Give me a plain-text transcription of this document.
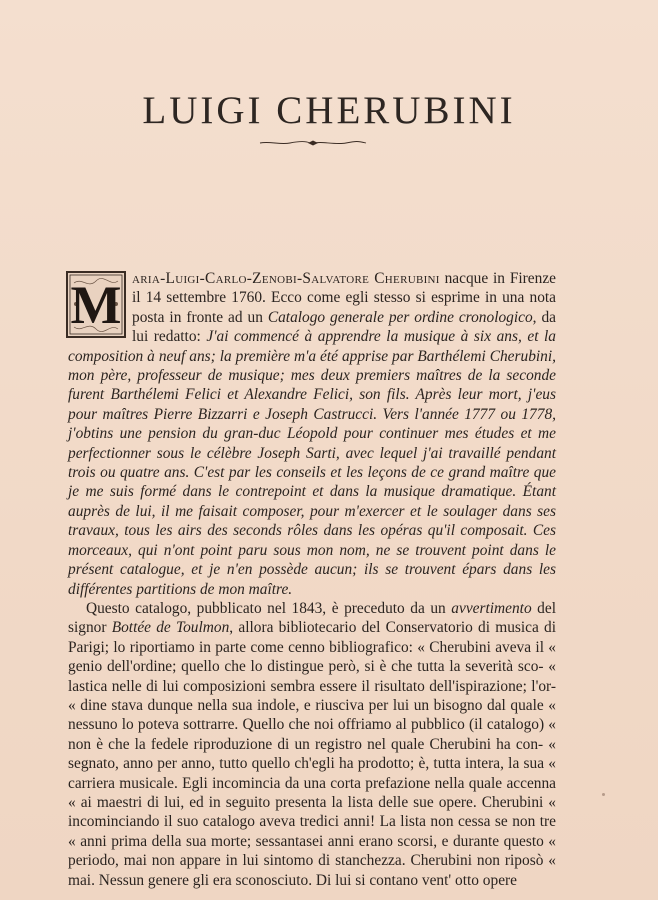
LUIGI CHERUBINI

M aria-Luigi-Carlo-Zenobi-Salvatore Cherubini nacque in Firenze il 14 settembre 1760. Ecco come egli stesso si esprime in una nota posta in fronte ad un Catalogo generale per ordine cronologico, da lui redatto: J'ai commencé à apprendre la musique à six ans, et la composition à neuf ans; la première m'a été apprise par Barthélemi Cherubini, mon père, professeur de musique; mes deux premiers maîtres de la seconde furent Barthélemi Felici et Alexandre Felici, son fils. Après leur mort, j'eus pour maîtres Pierre Bizzarri e Joseph Castrucci. Vers l'année 1777 ou 1778, j'obtins une pension du gran-duc Léopold pour continuer mes études et me perfectionner sous le célèbre Joseph Sarti, avec lequel j'ai travaillé pendant trois ou quatre ans. C'est par les conseils et les leçons de ce grand maître que je me suis formé dans le contrepoint et dans la musique dramatique. Étant auprès de lui, il me faisait composer, pour m'exercer et le soulager dans ses travaux, tous les airs des seconds rôles dans les opéras qu'il composait. Ces morceaux, qui n'ont point paru sous mon nom, ne se trouvent point dans le présent catalogue, et je n'en possède aucun; ils se trouvent épars dans les différentes partitions de mon maître.

Questo catalogo, pubblicato nel 1843, è preceduto da un avvertimento del signor Bottée de Toulmon, allora bibliotecario del Conservatorio di musica di Parigi; lo riportiamo in parte come cenno bibliografico: « Cherubini aveva il « genio dell'ordine; quello che lo distingue però, si è che tutta la severità sco- « lastica nelle di lui composizioni sembra essere il risultato dell'ispirazione; l'or- « dine stava dunque nella sua indole, e riusciva per lui un bisogno dal quale « nessuno lo poteva sottrarre. Quello che noi offriamo al pubblico (il catalogo) « non è che la fedele riproduzione di un registro nel quale Cherubini ha con- « segnato, anno per anno, tutto quello ch'egli ha prodotto; è, tutta intera, la sua « carriera musicale. Egli incomincia da una corta prefazione nella quale accenna « ai maestri di lui, ed in seguito presenta la lista delle sue opere. Cherubini « incominciando il suo catalogo aveva tredici anni! La lista non cessa se non tre « anni prima della sua morte; sessantasei anni erano scorsi, e durante questo « periodo, mai non appare in lui sintomo di stanchezza. Cherubini non riposò « mai. Nessun genere gli era sconosciuto. Di lui si contano vent' otto opere
